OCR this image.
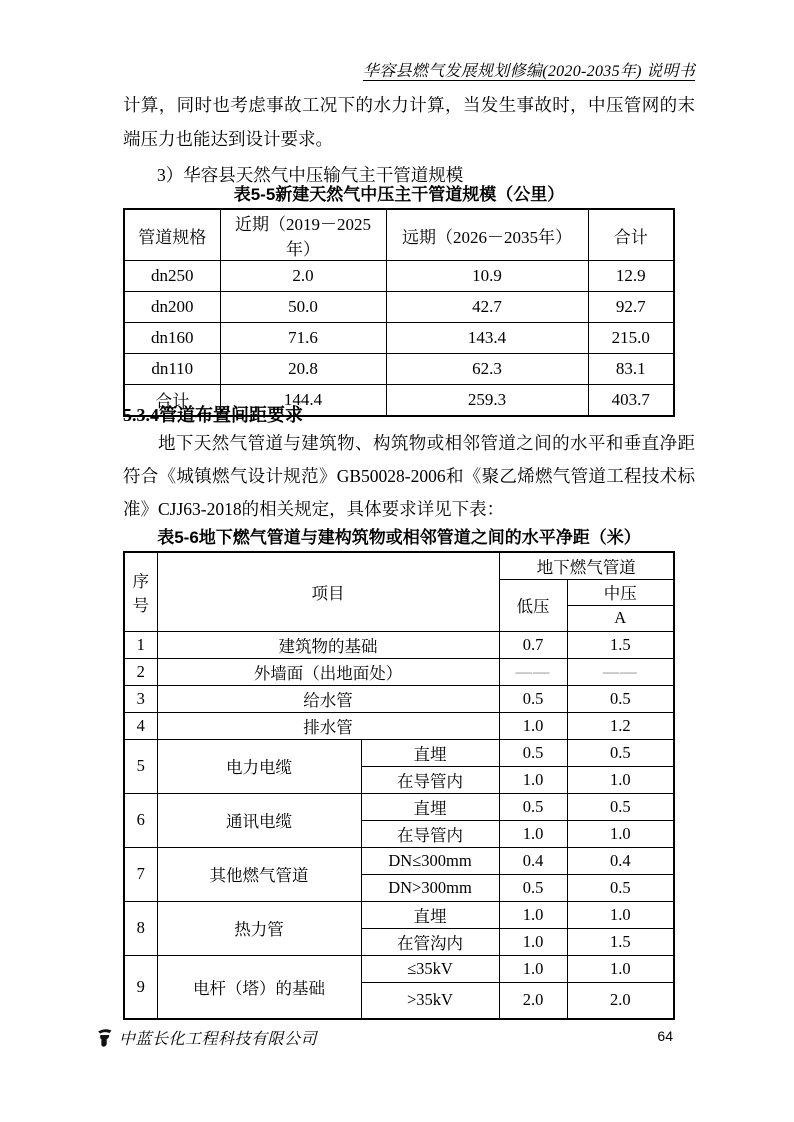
华容县燃气发展规划修编(2020-2035年) 说明书

计算，同时也考虑事故工况下的水力计算，当发生事故时，中压管网的末端压力也能达到设计要求。

3）华容县天然气中压输气主干管道规模

表5-5新建天然气中压主干管道规模（公里）
管道规格	近期（2019－2025年）	远期（2026－2035年）	合计
dn250	2.0	10.9	12.9
dn200	50.0	42.7	92.7
dn160	71.6	143.4	215.0
dn110	20.8	62.3	83.1
合计	144.4	259.3	403.7
5.3.4管道布置间距要求

地下天然气管道与建筑物、构筑物或相邻管道之间的水平和垂直净距符合《城镇燃气设计规范》GB50028-2006和《聚乙烯燃气管道工程技术标准》CJJ63-2018的相关规定，具体要求详见下表：

表5-6地下燃气管道与建构筑物或相邻管道之间的水平净距（米）
序号	项目		地下燃气管道	
			低压	中压
				A
1	建筑物的基础		0.7	1.5
2	外墙面（出地面处）		——	——
3	给水管		0.5	0.5
4	排水管		1.0	1.2
5	电力电缆	直埋	0.5	0.5
		在导管内	1.0	1.0
6	通讯电缆	直埋	0.5	0.5
		在导管内	1.0	1.0
7	其他燃气管道	DN≤300mm	0.4	0.4
		DN>300mm	0.5	0.5
8	热力管	直埋	1.0	1.0
		在管沟内	1.0	1.5
9	电杆（塔）的基础	≤35kV	1.0	1.0
		>35kV	2.0	2.0
中蓝长化工程科技有限公司	64
